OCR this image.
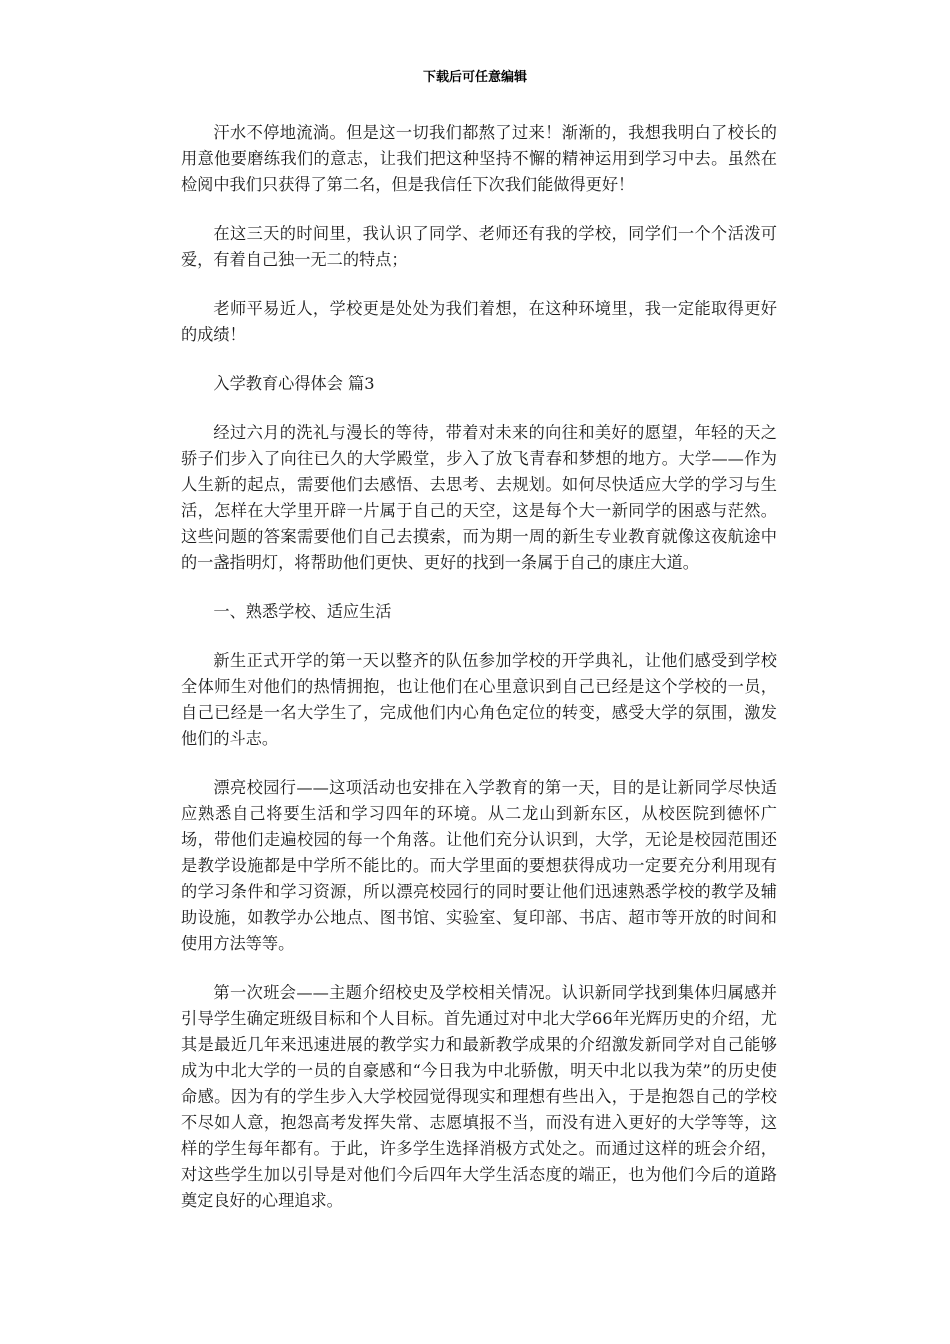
下载后可任意编辑

汗水不停地流淌。但是这一切我们都熬了过来！渐渐的，我想我明白了校长的用意他要磨练我们的意志，让我们把这种坚持不懈的精神运用到学习中去。虽然在检阅中我们只获得了第二名，但是我信任下次我们能做得更好！

在这三天的时间里，我认识了同学、老师还有我的学校，同学们一个个活泼可爱，有着自己独一无二的特点；

老师平易近人，学校更是处处为我们着想，在这种环境里，我一定能取得更好的成绩！

入学教育心得体会 篇3

经过六月的洗礼与漫长的等待，带着对未来的向往和美好的愿望，年轻的天之骄子们步入了向往已久的大学殿堂，步入了放飞青春和梦想的地方。大学——作为人生新的起点，需要他们去感悟、去思考、去规划。如何尽快适应大学的学习与生活，怎样在大学里开辟一片属于自己的天空，这是每个大一新同学的困惑与茫然。这些问题的答案需要他们自己去摸索，而为期一周的新生专业教育就像这夜航途中的一盏指明灯，将帮助他们更快、更好的找到一条属于自己的康庄大道。

一、熟悉学校、适应生活

新生正式开学的第一天以整齐的队伍参加学校的开学典礼，让他们感受到学校全体师生对他们的热情拥抱，也让他们在心里意识到自己已经是这个学校的一员，自己已经是一名大学生了，完成他们内心角色定位的转变，感受大学的氛围，激发他们的斗志。

漂亮校园行——这项活动也安排在入学教育的第一天，目的是让新同学尽快适应熟悉自己将要生活和学习四年的环境。从二龙山到新东区，从校医院到德怀广场，带他们走遍校园的每一个角落。让他们充分认识到，大学，无论是校园范围还是教学设施都是中学所不能比的。而大学里面的要想获得成功一定要充分利用现有的学习条件和学习资源，所以漂亮校园行的同时要让他们迅速熟悉学校的教学及辅助设施，如教学办公地点、图书馆、实验室、复印部、书店、超市等开放的时间和使用方法等等。

第一次班会——主题介绍校史及学校相关情况。认识新同学找到集体归属感并引导学生确定班级目标和个人目标。首先通过对中北大学66年光辉历史的介绍，尤其是最近几年来迅速进展的教学实力和最新教学成果的介绍激发新同学对自己能够成为中北大学的一员的自豪感和“今日我为中北骄傲，明天中北以我为荣”的历史使命感。因为有的学生步入大学校园觉得现实和理想有些出入，于是抱怨自己的学校不尽如人意，抱怨高考发挥失常、志愿填报不当，而没有进入更好的大学等等，这样的学生每年都有。于此，许多学生选择消极方式处之。而通过这样的班会介绍，对这些学生加以引导是对他们今后四年大学生活态度的端正，也为他们今后的道路奠定良好的心理追求。
